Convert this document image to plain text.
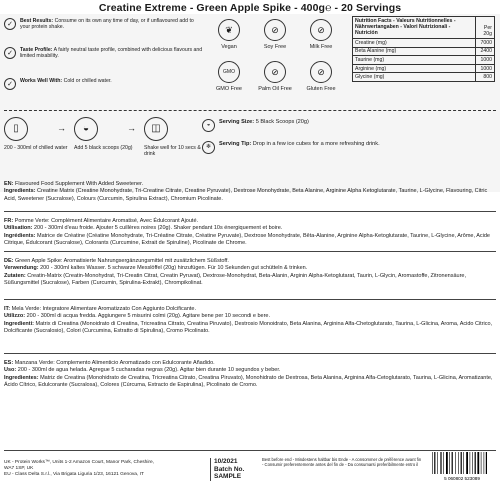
Creatine Extreme - Green Apple Spike - 400g℮ - 20 Servings
✓	Best Results: Consume on its own any time of day, or if unflavoured add to your protein shake.
✓	Taste Profile: A fairly neutral taste profile, combined with delicious flavours and limited mixability.
✓	Works Well With: Cold or chilled water.
❦
Vegan
⊘
Soy Free
⊘
Milk Free
GMO
GMO Free
⊘
Palm Oil Free
⊘
Gluten Free
Nutrition Facts - Valeurs Nutritionnelles - Nährwertangaben - Valori Nutrizionali - Nutrición	Per 20g
Creatine (mg)	7000
Beta Alanine (mg)	2400
Taurine (mg)	1000
Arginine (mg)	1000
Glycine (mg)	800
▯
200 - 300ml of chilled water
→	◒
Add 5 black scoops (20g)
→	◫
Shake well for 10 secs & drink
◒
Serving Size: 5 Black Scoops (20g)
❄
Serving Tip: Drop in a few ice cubes for a more refreshing drink.
EN: Flavoured Food Supplement With Added Sweetener.
Ingredients: Creatine Matrix (Creatine Monohydrate, Tri-Creatine Citrate, Creatine Pyruvate), Dextrose Monohydrate, Beta Alanine, Arginine Alpha Ketoglutarate, Taurine, L-Glycine, Flavouring, Citric Acid, Sweetener (Sucralose), Colours (Curcumin, Spirulina Extract), Chromium Picolinate.
FR: Pomme Verte: Complément Alimentaire Aromatisé, Avec Édulcorant Ajouté.
Utilisation: 200 - 300ml d'eau froide. Ajouter 5 cuillères noires (20g). Shaker pendant 10s énergiquement et boire.
Ingrédients: Matrice de Créatine (Créatine Monohydrate, Tri-Créatine Citrate, Créatine Pyruvate), Dextrose Monohydrate, Bêta-Alanine, Arginine Alpha-Ketoglutarate, Taurine, L-Glycine, Arôme, Acide Citrique, Édulcorant (Sucralose), Colorants (Curcumine, Extrait de Spiruline), Picolinate de Chrome.
DE: Green Apple Spike: Aromatisierte Nahrungsergänzungsmittel mit zusätzlichem Süßstoff.
Verwendung: 200 - 300ml kaltes Wasser. 5 schwarze Messlöffel (20g) hinzufügen. Für 10 Sekunden gut schütteln & trinken.
Zutaten: Creatin-Matrix (Creatin-Monohydrat, Tri-Creatin Citrat, Creatin Pyruvat), Dextrose-Monohydrat, Beta-Alanin, Arginin Alpha-Ketoglutarat, Taurin, L-Glycin, Aromastoffe, Zitronensäure, Süßungsmittel (Sucralose), Farben (Curcumin, Spirulina-Extrakt), Chrompikolinat.
IT: Mela Verde: Integratore Alimentare Aromatizzato Con Aggiunto Dolcificante.
Utilizzo: 200 - 300ml di acqua fredda. Aggiungere 5 misurini colmi (20g). Agitare bene per 10 secondi e bere.
Ingredienti: Matrix di Creatina (Monoidrato di Creatina, Tricreatina Citrato, Creatina Piruvato), Destrosio Monoidrato, Beta Alanina, Arginina Alfa-Chetoglutarato, Taurina, L-Glicina, Aroma, Acido Citrico, Dolcificante (Sucralosio), Colori (Curcumina, Estratto di Spirulina), Cromo Picolinato.
ES: Manzana Verde: Complemento Alimenticio Aromatizado con Edulcorante Añadido.
Uso: 200 - 300ml de agua helada. Agregue 5 cucharadas negras (20g). Agitar bien durante 10 segundos y beber.
Ingredientes: Matriz de Creatina (Monohidrato de Creatina, Tricreatina Citrato, Creatina Piruvato), Monohidrato de Dextrosa, Beta Alanina, Arginina Alfa-Cetoglutarato, Taurina, L-Glicina, Aromatizante, Ácido Cítrico, Edulcorante (Sucralosa), Colores (Cúrcuma, Extracto de Espirulina), Picolinato de Cromo.
UK - Protein Works™, Units 1-2 Amazon Court, Manor Park, Cheshire, WA7 1SP, UK
EU - Class Delta S.r.l., Via Brigata Liguria 1/23, 16121 Genova, IT
10/2021
Batch No. SAMPLE
Best before end - Mindestens haltbar bis Ende - A consommer de préférence avant fin - Consumir preferentemente antes del fin de - Da consumarsi preferibilmente entro il
5 060802 523089
